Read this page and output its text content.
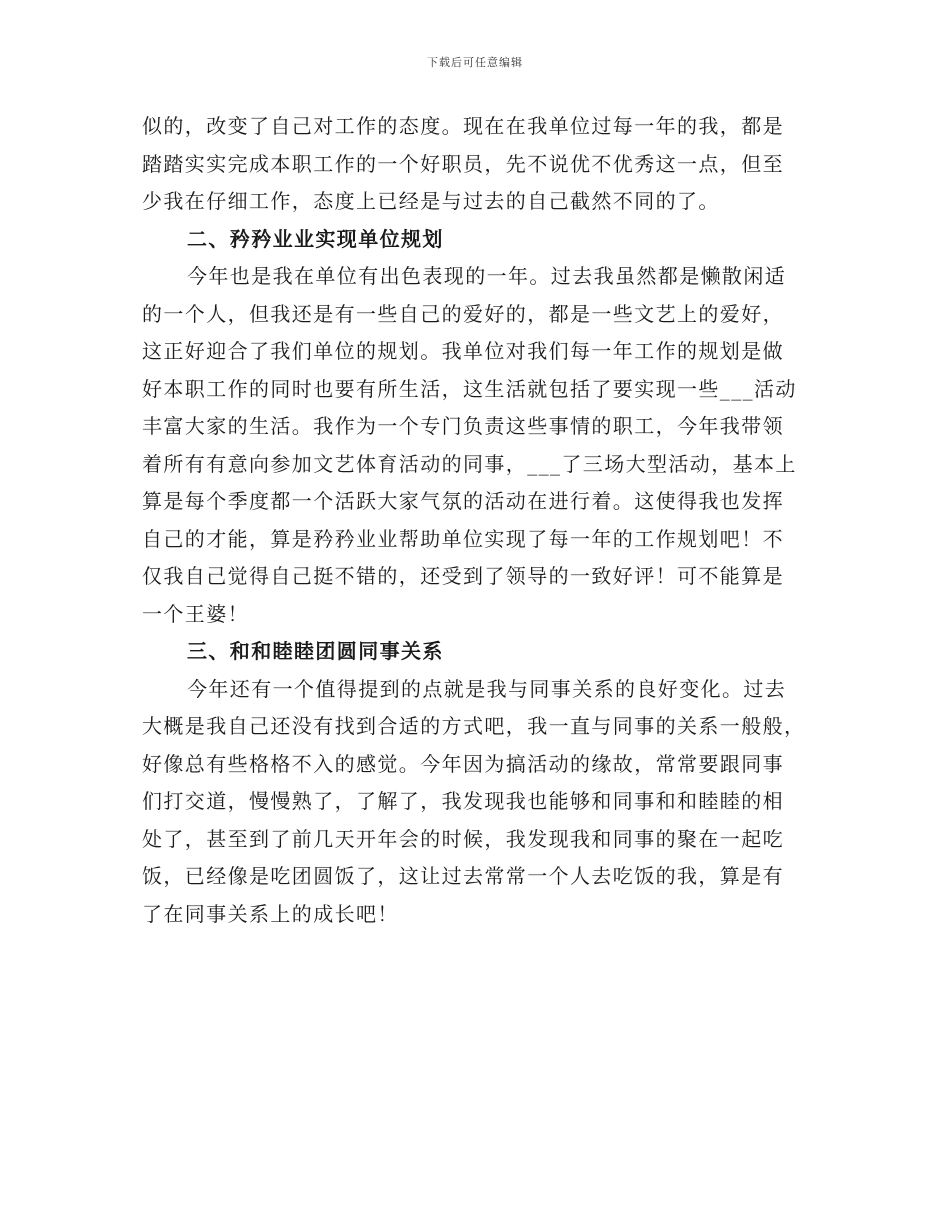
下载后可任意编辑
似的，改变了自己对工作的态度。现在在我单位过每一年的我，都是
踏踏实实完成本职工作的一个好职员，先不说优不优秀这一点，但至
少我在仔细工作，态度上已经是与过去的自己截然不同的了。
二、矜矜业业实现单位规划
今年也是我在单位有出色表现的一年。过去我虽然都是懒散闲适
的一个人，但我还是有一些自己的爱好的，都是一些文艺上的爱好，
这正好迎合了我们单位的规划。我单位对我们每一年工作的规划是做
好本职工作的同时也要有所生活，这生活就包括了要实现一些___活动
丰富大家的生活。我作为一个专门负责这些事情的职工，今年我带领
着所有有意向参加文艺体育活动的同事，___了三场大型活动，基本上
算是每个季度都一个活跃大家气氛的活动在进行着。这使得我也发挥
自己的才能，算是矜矜业业帮助单位实现了每一年的工作规划吧！不
仅我自己觉得自己挺不错的，还受到了领导的一致好评！可不能算是
一个王婆！
三、和和睦睦团圆同事关系
今年还有一个值得提到的点就是我与同事关系的良好变化。过去
大概是我自己还没有找到合适的方式吧，我一直与同事的关系一般般，
好像总有些格格不入的感觉。今年因为搞活动的缘故，常常要跟同事
们打交道，慢慢熟了，了解了，我发现我也能够和同事和和睦睦的相
处了，甚至到了前几天开年会的时候，我发现我和同事的聚在一起吃
饭，已经像是吃团圆饭了，这让过去常常一个人去吃饭的我，算是有
了在同事关系上的成长吧！
